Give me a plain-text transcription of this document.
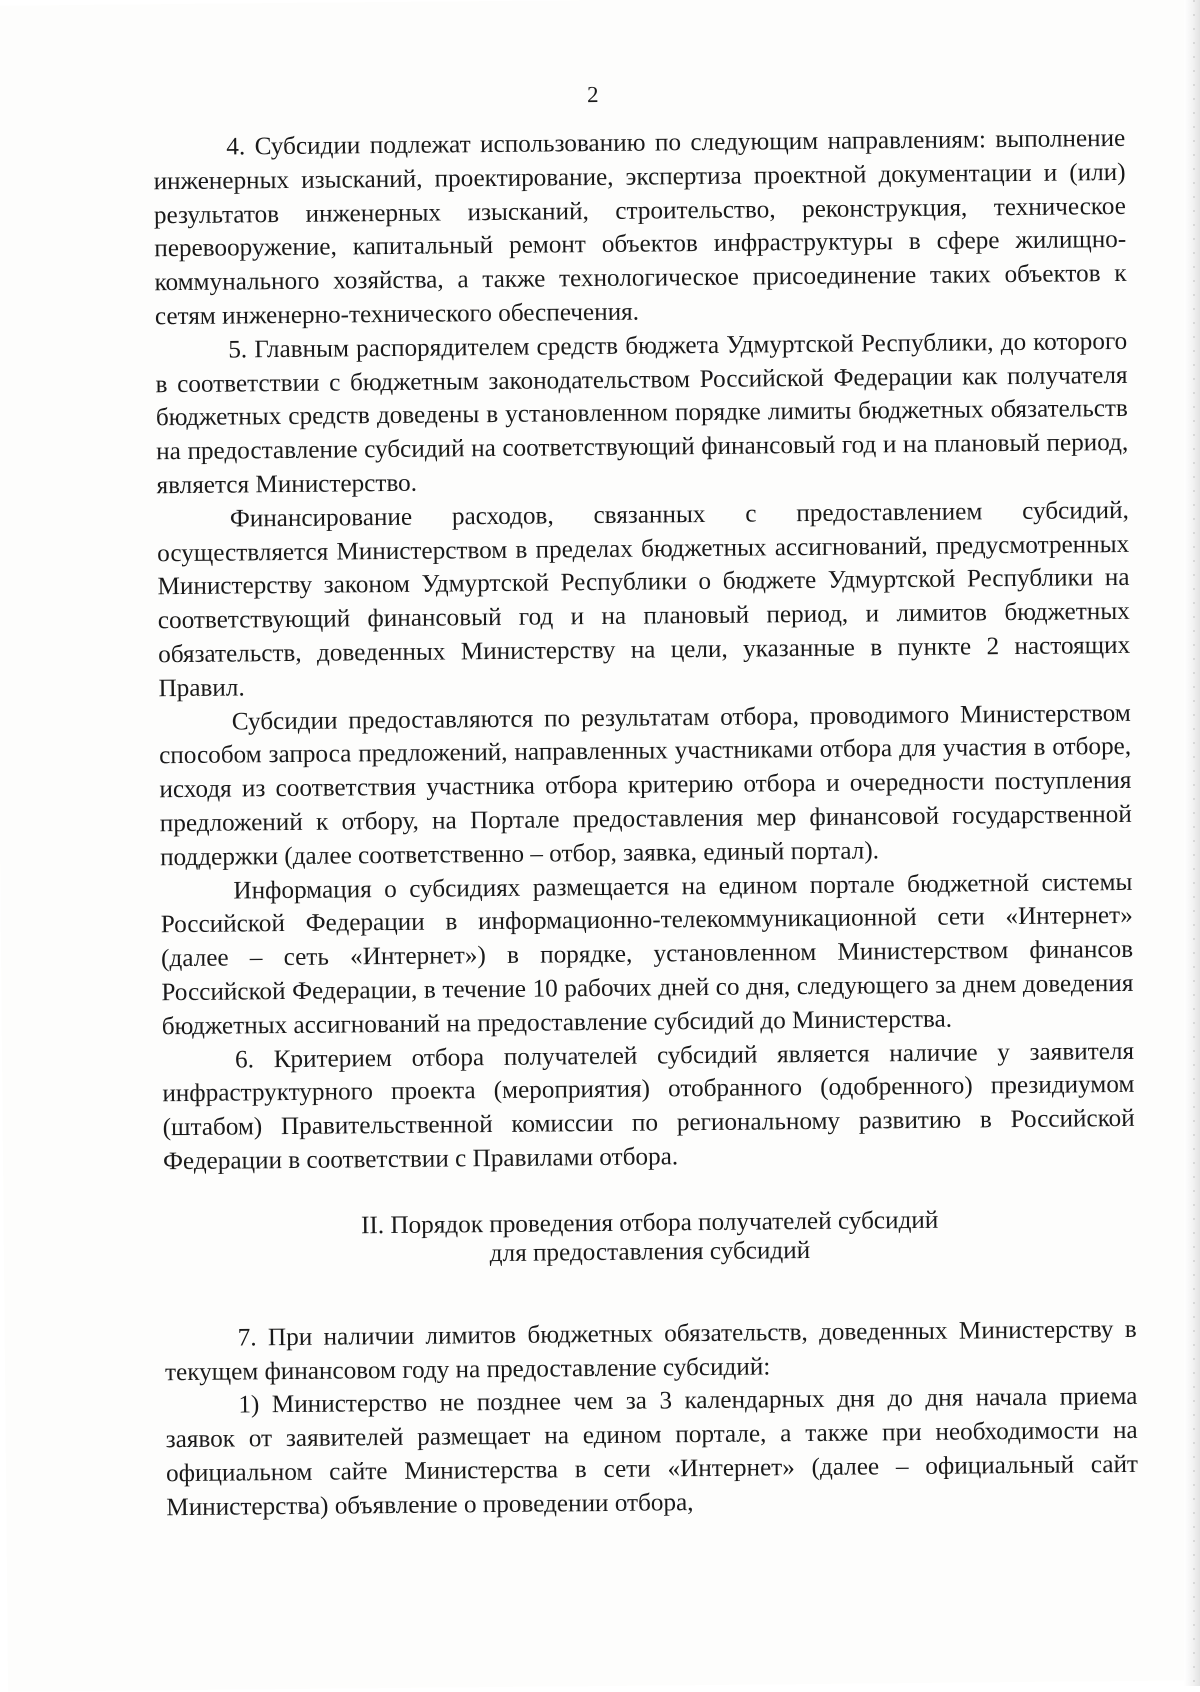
2

4. Субсидии подлежат использованию по следующим направлениям: выполнение инженерных изысканий, проектирование, экспертиза проектной документации и (или) результатов инженерных изысканий, строительство, реконструкция, техническое перевооружение, капитальный ремонт объектов инфраструктуры в сфере жилищно-коммунального хозяйства, а также технологическое присоединение таких объектов к сетям инженерно-технического обеспечения.

5. Главным распорядителем средств бюджета Удмуртской Республики, до которого в соответствии с бюджетным законодательством Российской Федерации как получателя бюджетных средств доведены в установленном порядке лимиты бюджетных обязательств на предоставление субсидий на соответствующий финансовый год и на плановый период, является Министерство.

Финансирование расходов, связанных с предоставлением субсидий, осуществляется Министерством в пределах бюджетных ассигнований, предусмотренных Министерству законом Удмуртской Республики о бюджете Удмуртской Республики на соответствующий финансовый год и на плановый период, и лимитов бюджетных обязательств, доведенных Министерству на цели, указанные в пункте 2 настоящих Правил.

Субсидии предоставляются по результатам отбора, проводимого Министерством способом запроса предложений, направленных участниками отбора для участия в отборе, исходя из соответствия участника отбора критерию отбора и очередности поступления предложений к отбору, на Портале предоставления мер финансовой государственной поддержки (далее соответственно – отбор, заявка, единый портал).

Информация о субсидиях размещается на едином портале бюджетной системы Российской Федерации в информационно-телекоммуникационной сети «Интернет» (далее – сеть «Интернет») в порядке, установленном Министерством финансов Российской Федерации, в течение 10 рабочих дней со дня, следующего за днем доведения бюджетных ассигнований на предоставление субсидий до Министерства.

6. Критерием отбора получателей субсидий является наличие у заявителя инфраструктурного проекта (мероприятия) отобранного (одобренного) президиумом (штабом) Правительственной комиссии по региональному развитию в Российской Федерации в соответствии с Правилами отбора.

II. Порядок проведения отбора получателей субсидий
для предоставления субсидий

7. При наличии лимитов бюджетных обязательств, доведенных Министерству в текущем финансовом году на предоставление субсидий:

1) Министерство не позднее чем за 3 календарных дня до дня начала приема заявок от заявителей размещает на едином портале, а также при необходимости на официальном сайте Министерства в сети «Интернет» (далее – официальный сайт Министерства) объявление о проведении отбора,
